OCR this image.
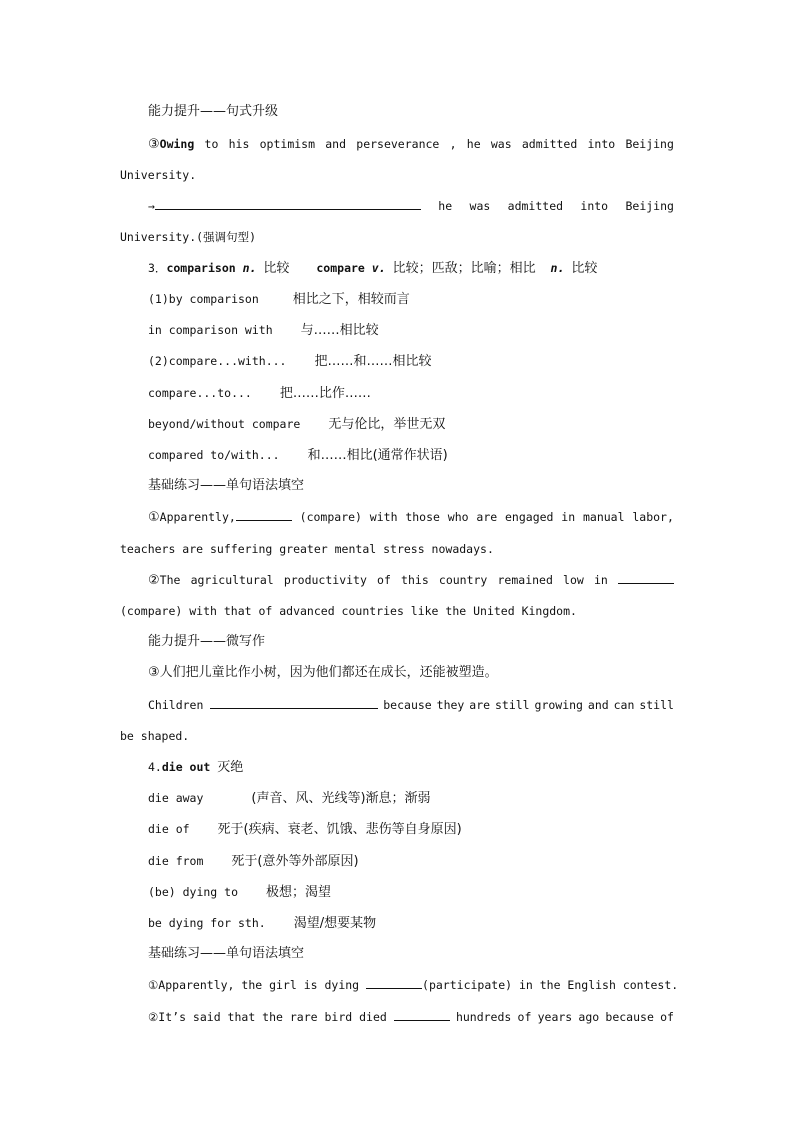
能力提升——句式升级
③Owing to his optimism and perseverance , he was admitted into Beijing
University.
→	he was admitted into Beijing
University.(强调句型)
3．comparison n. 比较 compare v. 比较；匹敌；比喻；相比 n. 比较
(1)by comparison	相比之下，相较而言
in comparison with 与……相比较
(2)compare...with... 把……和……相比较
compare...to... 把……比作……
beyond/without compare 无与伦比，举世无双
compared to/with... 和……相比(通常作状语)
基础练习——单句语法填空
①Apparently,	(compare) with those who are engaged in manual labor,
teachers are suffering greater mental stress nowadays.
②The agricultural productivity of this country remained low in
(compare) with that of advanced countries like the United Kingdom.
能力提升——微写作
③人们把儿童比作小树，因为他们都还在成长，还能被塑造。
Children	because they are still growing and can still
be shaped.
4.die out 灭绝
die away	(声音、风、光线等)渐息；渐弱
die of 死于(疾病、衰老、饥饿、悲伤等自身原因)
die from 死于(意外等外部原因)
(be) dying to 极想；渴望
be dying for sth. 渴望/想要某物
基础练习——单句语法填空
①Apparently, the girl is dying	(participate) in the English contest.
②It’s said that the rare bird died	hundreds of years ago because of
